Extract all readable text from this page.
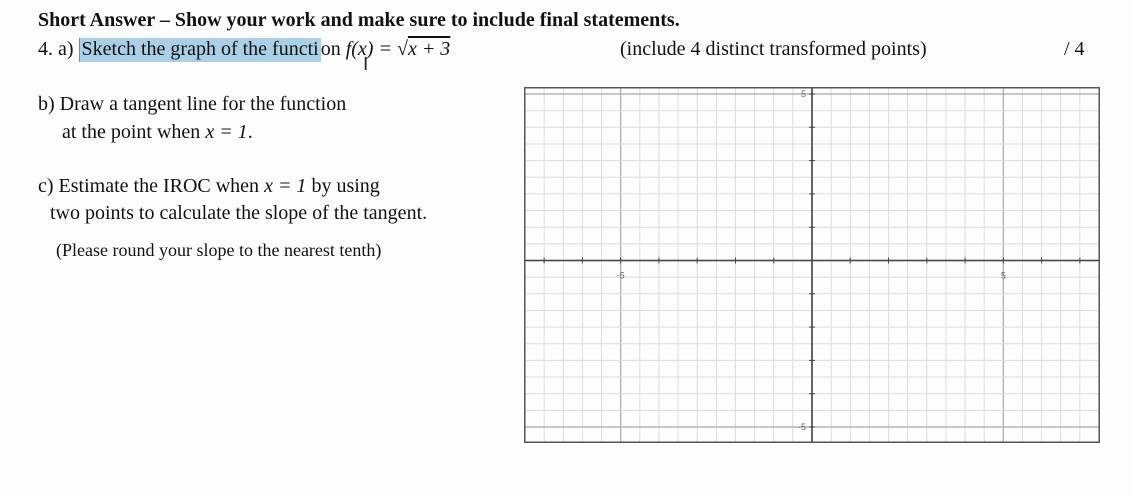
Short Answer – Show your work and make sure to include final statements.
4. a) Sketch the graph of the functi on f(x) = √x + 3
Ι
(include 4 distinct transformed points)	/ 4
b) Draw a tangent line for the function
at the point when x = 1.
c) Estimate the IROC when x = 1 by using
two points to calculate the slope of the tangent.
(Please round your slope to the nearest tenth)
-5	5
5
-5
